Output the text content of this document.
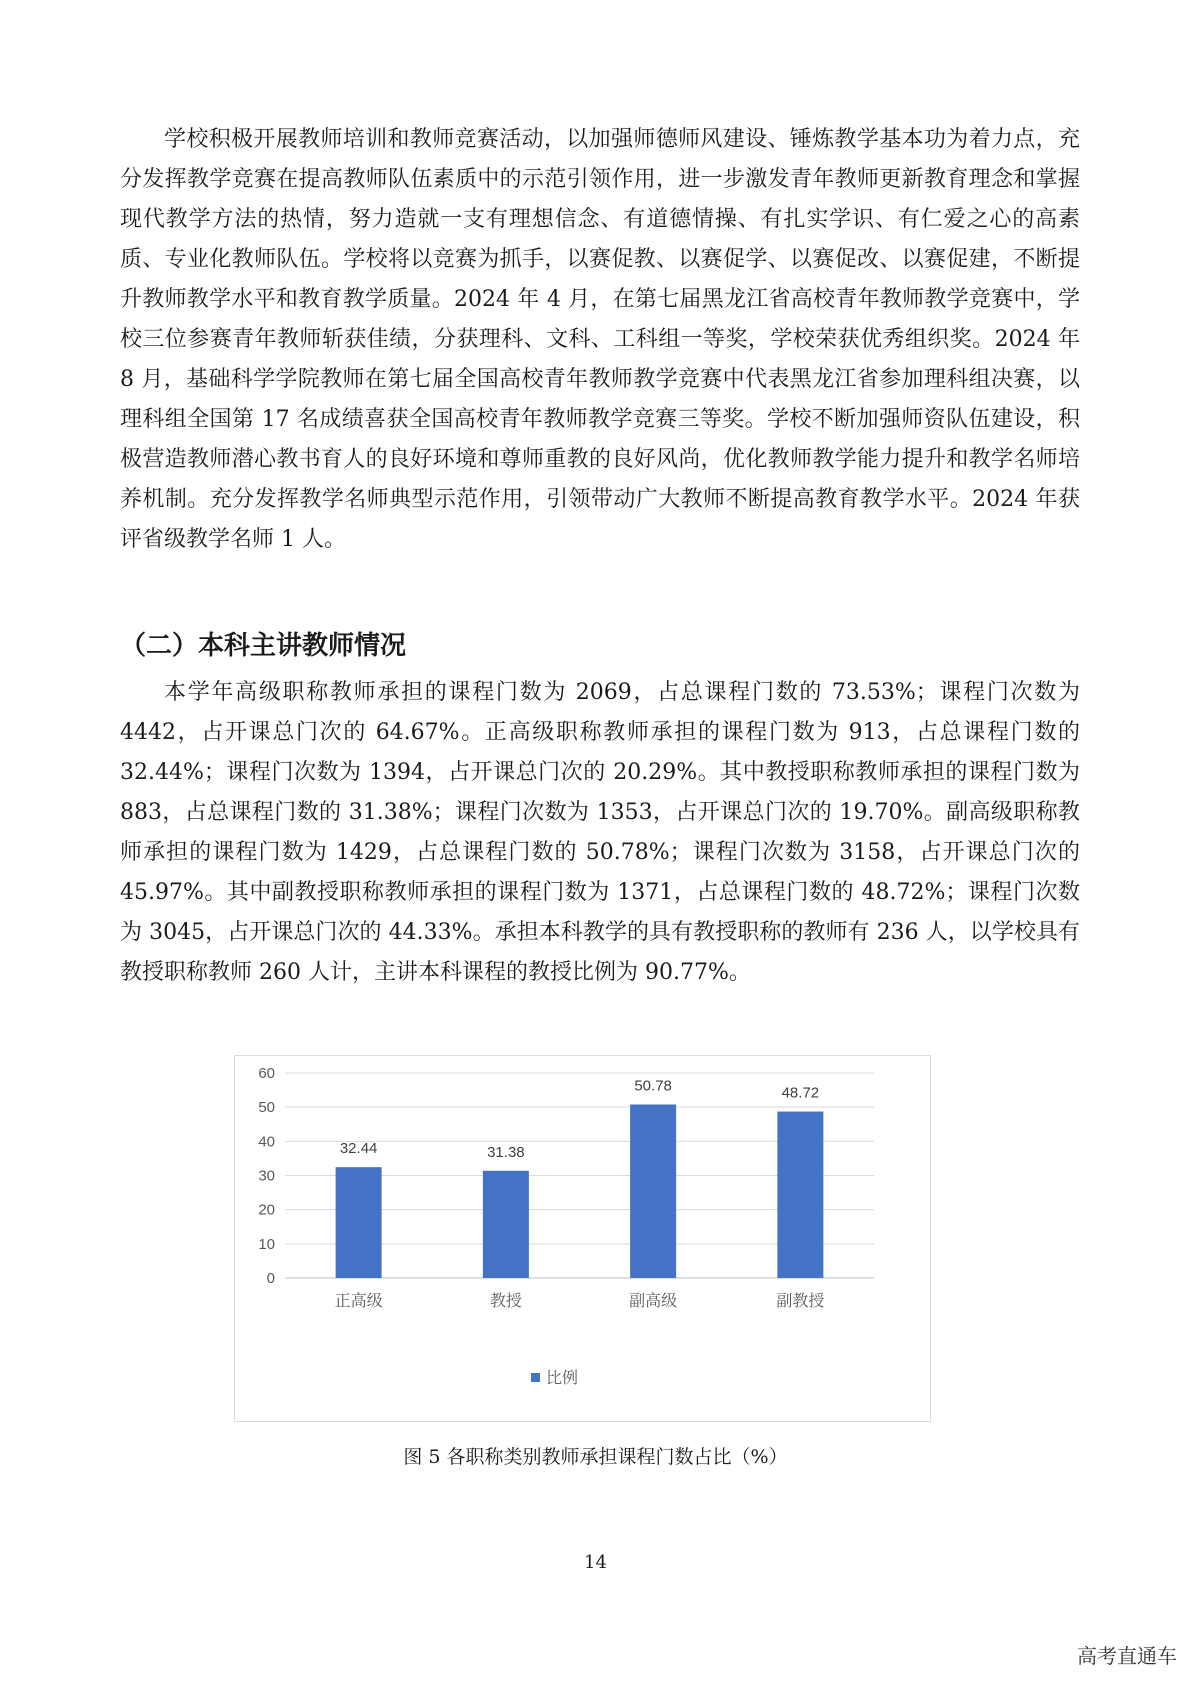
学校积极开展教师培训和教师竞赛活动，以加强师德师风建设、锤炼教学基本功为着力点，充分发挥教学竞赛在提高教师队伍素质中的示范引领作用，进一步激发青年教师更新教育理念和掌握现代教学方法的热情，努力造就一支有理想信念、有道德情操、有扎实学识、有仁爱之心的高素质、专业化教师队伍。学校将以竞赛为抓手，以赛促教、以赛促学、以赛促改、以赛促建，不断提升教师教学水平和教育教学质量。2024 年 4 月，在第七届黑龙江省高校青年教师教学竞赛中，学校三位参赛青年教师斩获佳绩，分获理科、文科、工科组一等奖，学校荣获优秀组织奖。2024 年 8 月，基础科学学院教师在第七届全国高校青年教师教学竞赛中代表黑龙江省参加理科组决赛，以理科组全国第 17 名成绩喜获全国高校青年教师教学竞赛三等奖。学校不断加强师资队伍建设，积极营造教师潜心教书育人的良好环境和尊师重教的良好风尚，优化教师教学能力提升和教学名师培养机制。充分发挥教学名师典型示范作用，引领带动广大教师不断提高教育教学水平。2024 年获评省级教学名师 1 人。

（二）本科主讲教师情况

本学年高级职称教师承担的课程门数为 2069，占总课程门数的 73.53%；课程门次数为 4442，占开课总门次的 64.67%。正高级职称教师承担的课程门数为 913，占总课程门数的 32.44%；课程门次数为 1394，占开课总门次的 20.29%。其中教授职称教师承担的课程门数为 883，占总课程门数的 31.38%；课程门次数为 1353，占开课总门次的 19.70%。副高级职称教师承担的课程门数为 1429，占总课程门数的 50.78%；课程门次数为 3158，占开课总门次的 45.97%。其中副教授职称教师承担的课程门数为 1371，占总课程门数的 48.72%；课程门次数为 3045，占开课总门次的 44.33%。承担本科教学的具有教授职称的教师有 236 人，以学校具有教授职称教师 260 人计，主讲本科课程的教授比例为 90.77%。

0
10
20
30
40
50
60
32.44	31.38
50.78	48.72
正高级	教授	副高级	副教授
比例

图 5 各职称类别教师承担课程门数占比（%）

14

高考直通车
